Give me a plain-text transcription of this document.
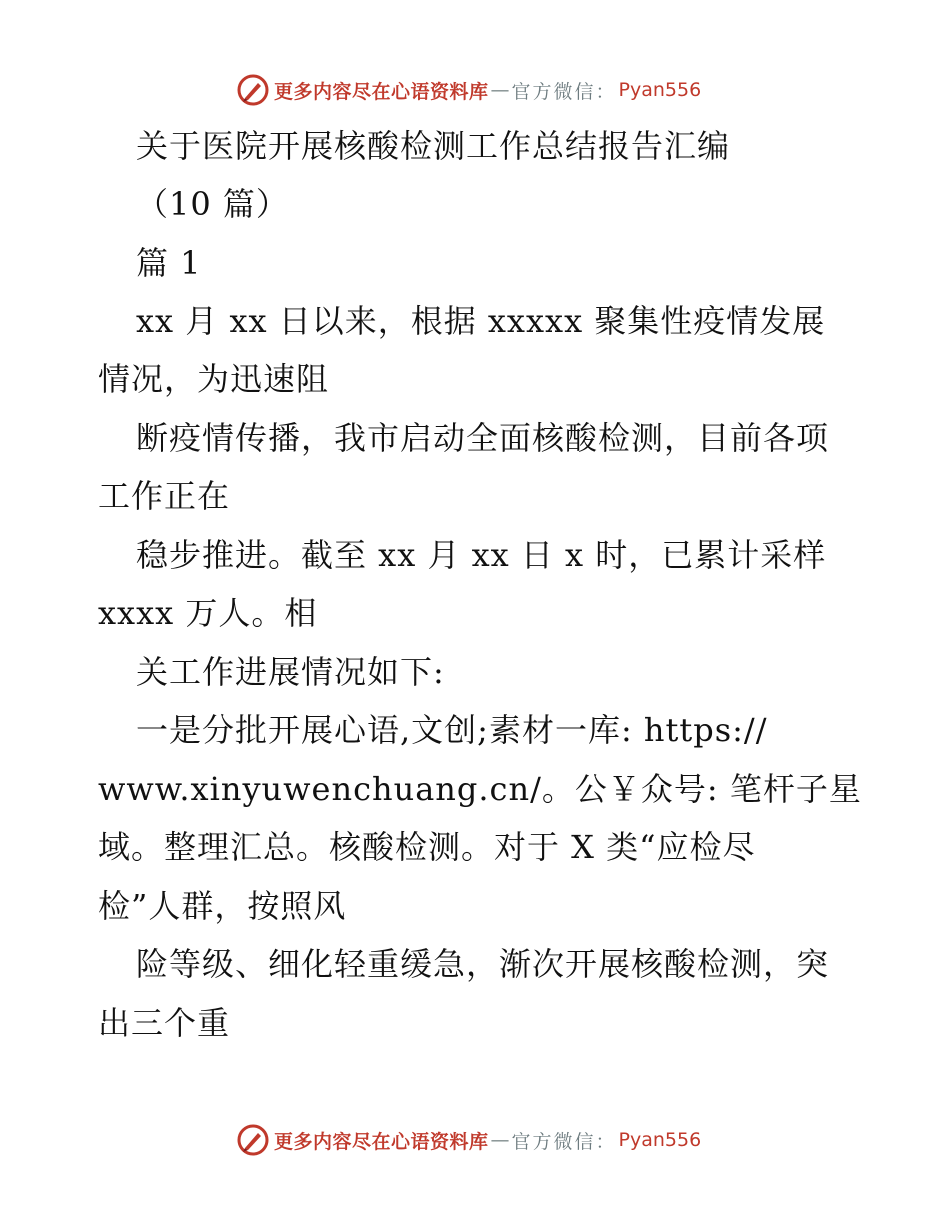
更多内容尽在心语资料库 — 官方微信： Pyan556
关于医院开展核酸检测工作总结报告汇编
（10 篇）
篇 1
xx 月 xx 日以来，根据 xxxxx 聚集性疫情发展
情况，为迅速阻
断疫情传播，我市启动全面核酸检测，目前各项
工作正在
稳步推进。截至 xx 月 xx 日 x 时，已累计采样
xxxx 万人。相
关工作进展情况如下:
一是分批开展心语,文创;素材一库: https://
www.xinyuwenchuang.cn/。公￥众号: 笔杆子星
域。整理汇总。核酸检测。对于 X 类“应检尽
检”人群，按照风
险等级、细化轻重缓急，渐次开展核酸检测，突
出三个重
更多内容尽在心语资料库 — 官方微信： Pyan556
